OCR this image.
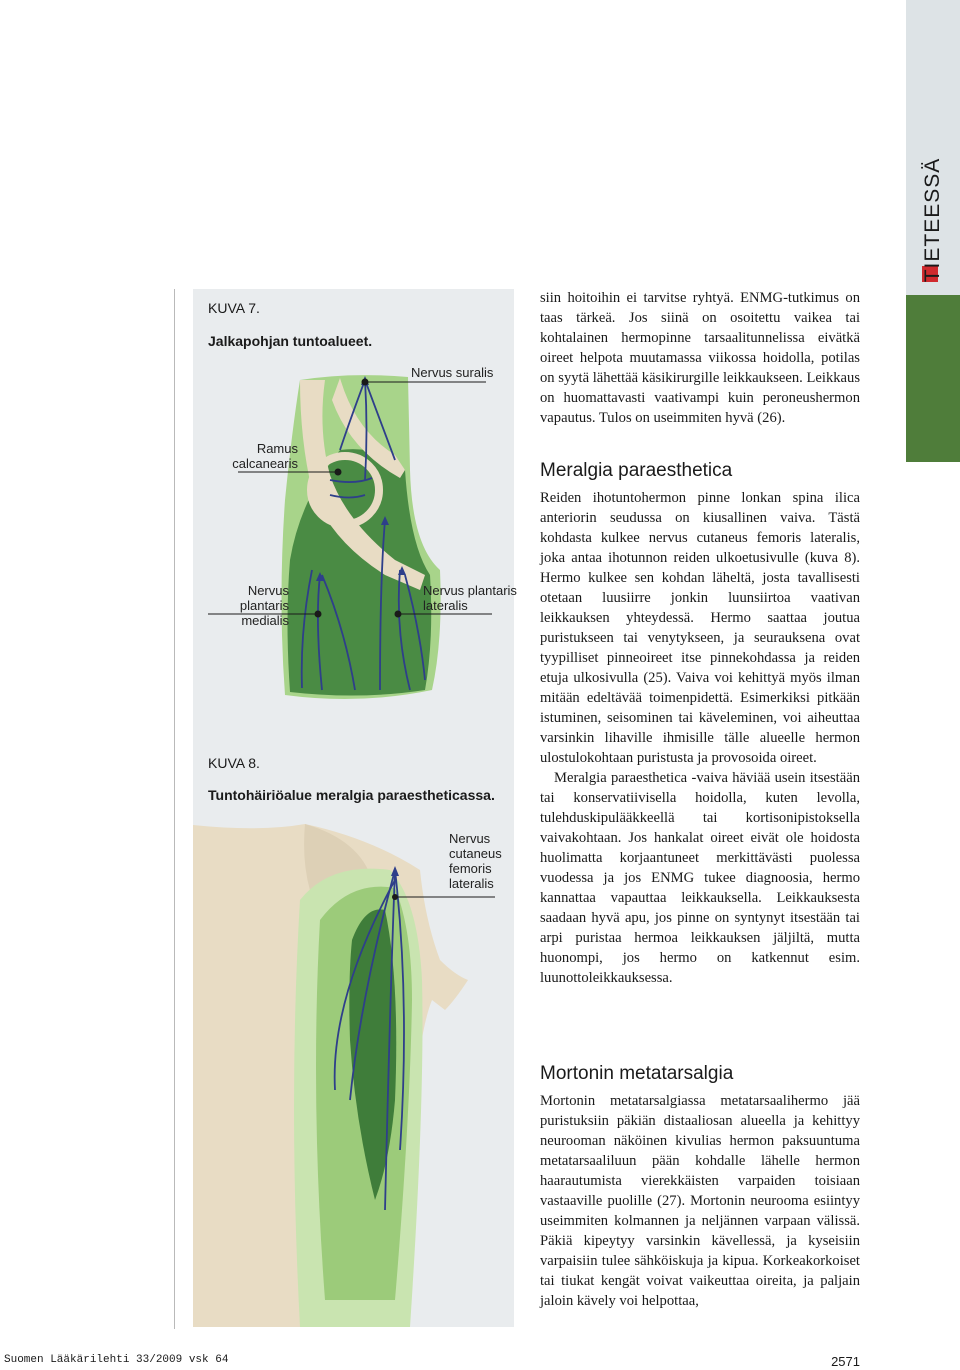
TIETEESSÄ
KUVA 7.
Jalkapohjan tuntoalueet.
Nervus suralis
Ramus
calcanearis
Nervus plantaris
medialis
Nervus plantaris
lateralis
KUVA 8.
Tuntohäiriöalue meralgia paraestheticassa.
Nervus
cutaneus
femoris
lateralis

siin hoitoihin ei tarvitse ryhtyä. ENMG-tutkimus on taas tärkeä. Jos siinä on osoitettu vaikea tai kohtalainen hermopinne tarsaalitunnelissa eivätkä oireet helpota muutamassa viikossa hoidolla, potilas on syytä lähettää käsikirurgille leikkaukseen. Leikkaus on huomattavasti vaativampi kuin peroneushermon vapautus. Tulos on useimmiten hyvä (26).

Meralgia paraesthetica

Reiden ihotuntohermon pinne lonkan spina ilica anteriorin seudussa on kiusallinen vaiva. Tästä kohdasta kulkee nervus cutaneus femoris lateralis, joka antaa ihotunnon reiden ulkoetusivulle (kuva 8). Hermo kulkee sen kohdan läheltä, josta tavallisesti otetaan luusiirre jonkin luunsiirtoa vaativan leikkauksen yhteydessä. Hermo saattaa joutua puristukseen tai venytykseen, ja seurauksena ovat tyypilliset pinneoireet itse pinnekohdassa ja reiden etuja ulkosivulla (25). Vaiva voi kehittyä myös ilman mitään edeltävää toimenpidettä. Esimerkiksi pitkään istuminen, seisominen tai käveleminen, voi aiheuttaa varsinkin lihaville ihmisille tälle alueelle hermon ulostulokohtaan puristusta ja provosoida oireet.

Meralgia paraesthetica -vaiva häviää usein itsestään tai konservatiivisella hoidolla, kuten levolla, tulehduskipulääkkeellä tai kortisonipistoksella vaivakohtaan. Jos hankalat oireet eivät ole hoidosta huolimatta korjaantuneet merkittävästi puolessa vuodessa ja jos ENMG tukee diagnoosia, hermo kannattaa vapauttaa leikkauksella. Leikkauksesta saadaan hyvä apu, jos pinne on syntynyt itsestään tai arpi puristaa hermoa leikkauksen jäljiltä, mutta huonompi, jos hermo on katkennut esim. luunottoleikkauksessa.

Mortonin metatarsalgia

Mortonin metatarsalgiassa metatarsaalihermo jää puristuksiin päkiän distaaliosan alueella ja kehittyy neurooman näköinen kivulias hermon paksuuntuma metatarsaaliluun pään kohdalle lähelle hermon haarautumista vierekkäisten varpaiden toisiaan vastaaville puolille (27). Mortonin neurooma esiintyy useimmiten kolmannen ja neljännen varpaan välissä. Päkiä kipeytyy varsinkin kävellessä, ja kyseisiin varpaisiin tulee sähköiskuja ja kipua. Korkeakorkoiset tai tiukat kengät voivat vaikeuttaa oireita, ja paljain jaloin kävely voi helpottaa,

Suomen Lääkärilehti 33/2009 vsk 64	2571
